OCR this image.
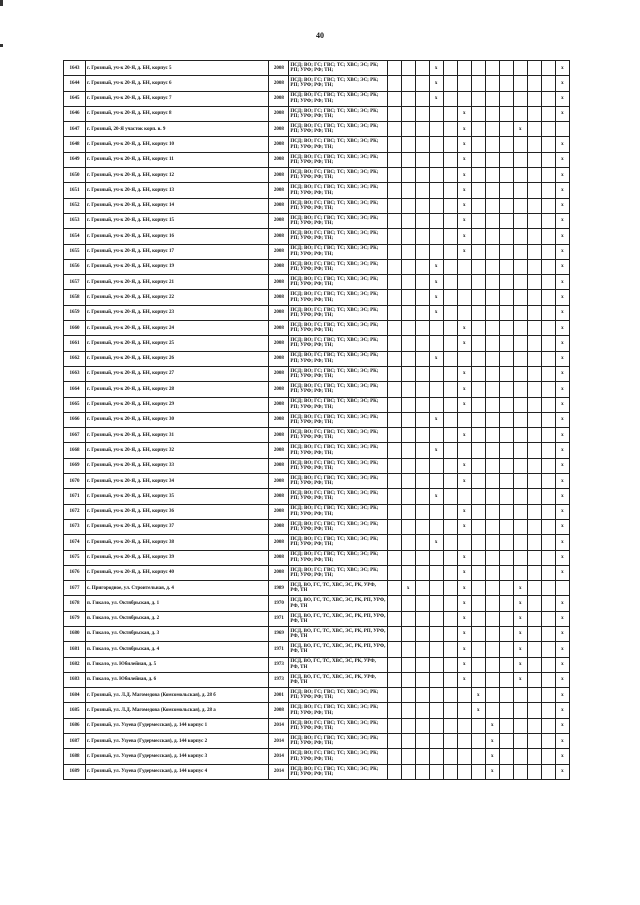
40
1643	г. Грозный, уч-к 20-Я, д. БН, корпус 5	2008	ПСД; ВО; ГС; ГВС; ТС; ХВС; ЭС; РК; РП; УРФ; РФ; ТН;				x									x
1644	г. Грозный, уч-к 20-Я, д. БН, корпус 6	2008	ПСД; ВО; ГС; ГВС; ТС; ХВС; ЭС; РК; РП; УРФ; РФ; ТН;				x									x
1645	г. Грозный, уч-к 20-Я, д. БН, корпус 7	2008	ПСД; ВО; ГС; ГВС; ТС; ХВС; ЭС; РК; РП; УРФ; РФ; ТН;				x									x
1646	г. Грозный, уч-к 20-Я, д. БН, корпус 8	2008	ПСД; ВО; ГС; ГВС; ТС; ХВС; ЭС; РК; РП; УРФ; РФ; ТН;						x							x
1647	г. Грозный, 20-Я участок корп. в. 9	2008	ПСД; ВО; ГС; ГВС; ТС; ХВС; ЭС; РК; РП; УРФ; РФ; ТН;						x				x			
1648	г. Грозный, уч-к 20-Я, д. БН, корпус 10	2008	ПСД; ВО; ГС; ГВС; ТС; ХВС; ЭС; РК; РП; УРФ; РФ; ТН;						x							x
1649	г. Грозный, уч-к 20-Я, д. БН, корпус 11	2008	ПСД; ВО; ГС; ГВС; ТС; ХВС; ЭС; РК; РП; УРФ; РФ; ТН;						x							x
1650	г. Грозный, уч-к 20-Я, д. БН, корпус 12	2008	ПСД; ВО; ГС; ГВС; ТС; ХВС; ЭС; РК; РП; УРФ; РФ; ТН;						x							x
1651	г. Грозный, уч-к 20-Я, д. БН, корпус 13	2008	ПСД; ВО; ГС; ГВС; ТС; ХВС; ЭС; РК; РП; УРФ; РФ; ТН;						x							x
1652	г. Грозный, уч-к 20-Я, д. БН, корпус 14	2008	ПСД; ВО; ГС; ГВС; ТС; ХВС; ЭС; РК; РП; УРФ; РФ; ТН;						x							x
1653	г. Грозный, уч-к 20-Я, д. БН, корпус 15	2008	ПСД; ВО; ГС; ГВС; ТС; ХВС; ЭС; РК; РП; УРФ; РФ; ТН;						x							x
1654	г. Грозный, уч-к 20-Я, д. БН, корпус 16	2008	ПСД; ВО; ГС; ГВС; ТС; ХВС; ЭС; РК; РП; УРФ; РФ; ТН;						x							x
1655	г. Грозный, уч-к 20-Я, д. БН, корпус 17	2008	ПСД; ВО; ГС; ГВС; ТС; ХВС; ЭС; РК; РП; УРФ; РФ; ТН;						x							x
1656	г. Грозный, уч-к 20-Я, д. БН, корпус 19	2008	ПСД; ВО; ГС; ГВС; ТС; ХВС; ЭС; РК; РП; УРФ; РФ; ТН;				x									x
1657	г. Грозный, уч-к 20-Я, д. БН, корпус 21	2008	ПСД; ВО; ГС; ГВС; ТС; ХВС; ЭС; РК; РП; УРФ; РФ; ТН;				x									x
1658	г. Грозный, уч-к 20-Я, д. БН, корпус 22	2008	ПСД; ВО; ГС; ГВС; ТС; ХВС; ЭС; РК; РП; УРФ; РФ; ТН;				x									x
1659	г. Грозный, уч-к 20-Я, д. БН, корпус 23	2008	ПСД; ВО; ГС; ГВС; ТС; ХВС; ЭС; РК; РП; УРФ; РФ; ТН;				x									x
1660	г. Грозный, уч-к 20-Я, д. БН, корпус 24	2008	ПСД; ВО; ГС; ГВС; ТС; ХВС; ЭС; РК; РП; УРФ; РФ; ТН;						x							x
1661	г. Грозный, уч-к 20-Я, д. БН, корпус 25	2008	ПСД; ВО; ГС; ГВС; ТС; ХВС; ЭС; РК; РП; УРФ; РФ; ТН;						x							x
1662	г. Грозный, уч-к 20-Я, д. БН, корпус 26	2008	ПСД; ВО; ГС; ГВС; ТС; ХВС; ЭС; РК; РП; УРФ; РФ; ТН;				x									x
1663	г. Грозный, уч-к 20-Я, д. БН, корпус 27	2008	ПСД; ВО; ГС; ГВС; ТС; ХВС; ЭС; РК; РП; УРФ; РФ; ТН;						x							x
1664	г. Грозный, уч-к 20-Я, д. БН, корпус 28	2008	ПСД; ВО; ГС; ГВС; ТС; ХВС; ЭС; РК; РП; УРФ; РФ; ТН;						x							x
1665	г. Грозный, уч-к 20-Я, д. БН, корпус 29	2008	ПСД; ВО; ГС; ГВС; ТС; ХВС; ЭС; РК; РП; УРФ; РФ; ТН;						x							x
1666	г. Грозный, уч-к 20-Я, д. БН, корпус 30	2008	ПСД; ВО; ГС; ГВС; ТС; ХВС; ЭС; РК; РП; УРФ; РФ; ТН;				x									x
1667	г. Грозный, уч-к 20-Я, д. БН, корпус 31	2008	ПСД; ВО; ГС; ГВС; ТС; ХВС; ЭС; РК; РП; УРФ; РФ; ТН;						x							x
1668	г. Грозный, уч-к 20-Я, д. БН, корпус 32	2008	ПСД; ВО; ГС; ГВС; ТС; ХВС; ЭС; РК; РП; УРФ; РФ; ТН;				x									x
1669	г. Грозный, уч-к 20-Я, д. БН, корпус 33	2008	ПСД; ВО; ГС; ГВС; ТС; ХВС; ЭС; РК; РП; УРФ; РФ; ТН;						x							x
1670	г. Грозный, уч-к 20-Я, д. БН, корпус 34	2008	ПСД; ВО; ГС; ГВС; ТС; ХВС; ЭС; РК; РП; УРФ; РФ; ТН;						x							x
1671	г. Грозный, уч-к 20-Я, д. БН, корпус 35	2008	ПСД; ВО; ГС; ГВС; ТС; ХВС; ЭС; РК; РП; УРФ; РФ; ТН;				x									x
1672	г. Грозный, уч-к 20-Я, д. БН, корпус 36	2008	ПСД; ВО; ГС; ГВС; ТС; ХВС; ЭС; РК; РП; УРФ; РФ; ТН;						x							x
1673	г. Грозный, уч-к 20-Я, д. БН, корпус 37	2008	ПСД; ВО; ГС; ГВС; ТС; ХВС; ЭС; РК; РП; УРФ; РФ; ТН;						x							x
1674	г. Грозный, уч-к 20-Я, д. БН, корпус 38	2008	ПСД; ВО; ГС; ГВС; ТС; ХВС; ЭС; РК; РП; УРФ; РФ; ТН;				x									x
1675	г. Грозный, уч-к 20-Я, д. БН, корпус 39	2008	ПСД; ВО; ГС; ГВС; ТС; ХВС; ЭС; РК; РП; УРФ; РФ; ТН;						x							x
1676	г. Грозный, уч-к 20-Я, д. БН, корпус 40	2008	ПСД; ВО; ГС; ГВС; ТС; ХВС; ЭС; РК; РП; УРФ; РФ; ТН;						x							x
1677	с. Пригородное, ул. Строительная, д. 4	1989	ПСД, ВО, ГС, ТС, ХВС, ЭС, РК, УРФ, РФ, ТН		x				x				x			
1678	п. Гикало, ул. Октябрьская, д. 1	1970	ПСД, ВО, ГС, ТС, ХВС, ЭС, РК, РП, УРФ, РФ, ТН						x				x			x
1679	п. Гикало, ул. Октябрьская, д. 2	1971	ПСД, ВО, ГС, ТС, ХВС, ЭС, РК, РП, УРФ, РФ, ТН						x				x			x
1680	п. Гикало, ул. Октябрьская, д. 3	1969	ПСД, ВО, ГС, ТС, ХВС, ЭС, РК, РП, УРФ, РФ, ТН						x				x			x
1681	п. Гикало, ул. Октябрьская, д. 4	1971	ПСД, ВО, ГС, ТС, ХВС, ЭС, РК, РП, УРФ, РФ, ТН						x				x			x
1682	п. Гикало, ул. Юбилейная, д. 5	1973	ПСД, ВО, ГС, ТС, ХВС, ЭС, РК, УРФ, РФ, ТН						x				x			x
1683	п. Гикало, ул. Юбилейная, д. 6	1973	ПСД, ВО, ГС, ТС, ХВС, ЭС, РК, УРФ, РФ, ТН						x				x			x
1684	г. Грозный, ул. Л.Д. Магомедова (Комсомольская), д. 28 б	2001	ПСД; ВО; ГС; ГВС; ТС; ХВС; ЭС; РК; РП; УРФ; РФ; ТН;							x						x
1685	г. Грозный, ул. Л.Д. Магомедова (Комсомольская), д. 28 а	2008	ПСД; ВО; ГС; ГВС; ТС; ХВС; ЭС; РК; РП; УРФ; РФ; ТН;							x						x
1686	г. Грозный, ул. Узуева (Гудермесская), д. 144 корпус 1	2014	ПСД; ВО; ГС; ГВС; ТС; ХВС; ЭС; РК; РП; УРФ; РФ; ТН;								x					x
1687	г. Грозный, ул. Узуева (Гудермесская), д. 144 корпус 2	2014	ПСД; ВО; ГС; ГВС; ТС; ХВС; ЭС; РК; РП; УРФ; РФ; ТН;								x					x
1688	г. Грозный, ул. Узуева (Гудермесская), д. 144 корпус 3	2014	ПСД; ВО; ГС; ГВС; ТС; ХВС; ЭС; РК; РП; УРФ; РФ; ТН;								x					x
1689	г. Грозный, ул. Узуева (Гудермесская), д. 144 корпус 4	2014	ПСД; ВО; ГС; ГВС; ТС; ХВС; ЭС; РК; РП; УРФ; РФ; ТН;								x					x
